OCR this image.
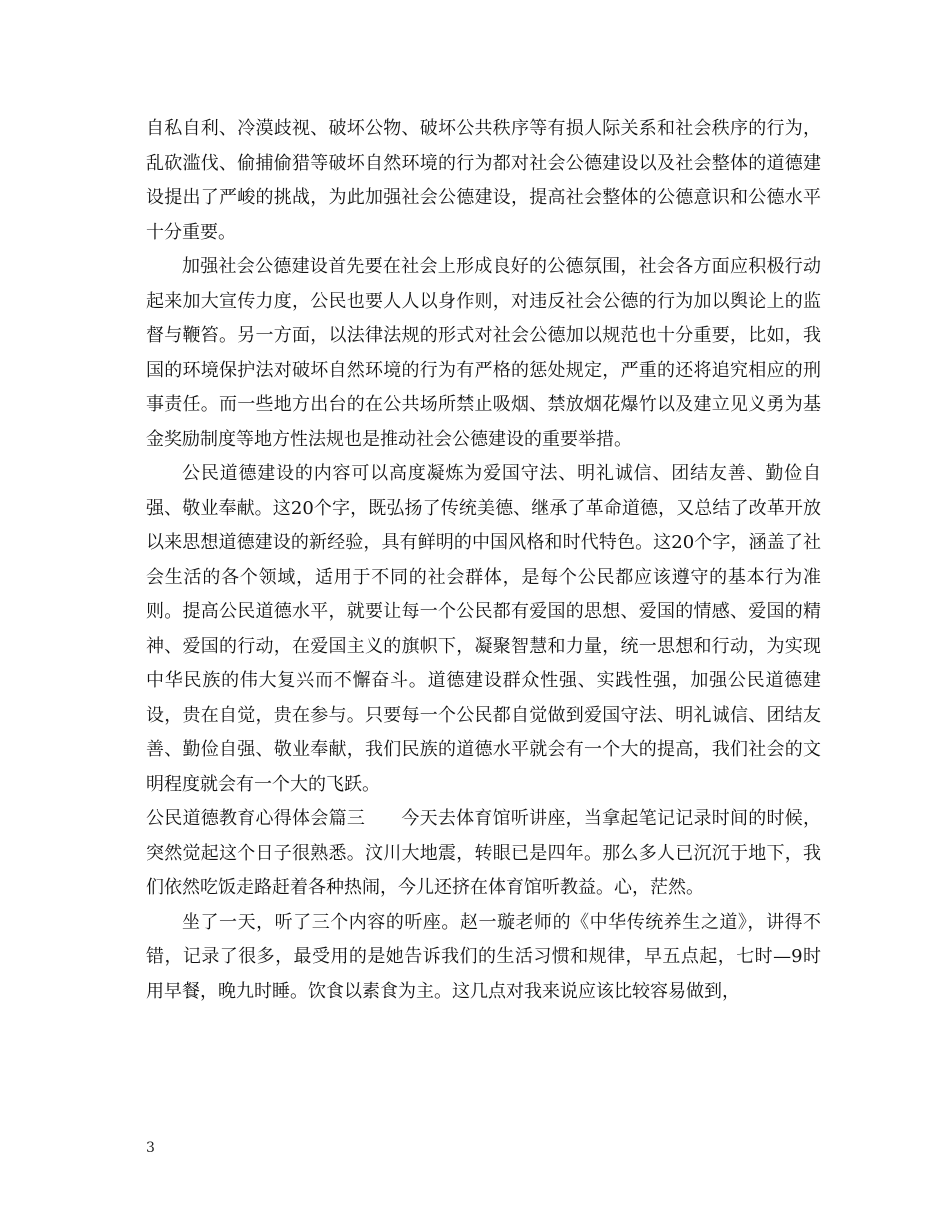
自私自利、冷漠歧视、破坏公物、破坏公共秩序等有损人际关系和社会秩序的行为，乱砍滥伐、偷捕偷猎等破坏自然环境的行为都对社会公德建设以及社会整体的道德建设提出了严峻的挑战，为此加强社会公德建设，提高社会整体的公德意识和公德水平十分重要。

加强社会公德建设首先要在社会上形成良好的公德氛围，社会各方面应积极行动起来加大宣传力度，公民也要人人以身作则，对违反社会公德的行为加以舆论上的监督与鞭笞。另一方面，以法律法规的形式对社会公德加以规范也十分重要，比如，我国的环境保护法对破坏自然环境的行为有严格的惩处规定，严重的还将追究相应的刑事责任。而一些地方出台的在公共场所禁止吸烟、禁放烟花爆竹以及建立见义勇为基金奖励制度等地方性法规也是推动社会公德建设的重要举措。

公民道德建设的内容可以高度凝炼为爱国守法、明礼诚信、团结友善、勤俭自强、敬业奉献。这20个字，既弘扬了传统美德、继承了革命道德，又总结了改革开放以来思想道德建设的新经验，具有鲜明的中国风格和时代特色。这20个字，涵盖了社会生活的各个领域，适用于不同的社会群体，是每个公民都应该遵守的基本行为准则。提高公民道德水平，就要让每一个公民都有爱国的思想、爱国的情感、爱国的精神、爱国的行动，在爱国主义的旗帜下，凝聚智慧和力量，统一思想和行动，为实现中华民族的伟大复兴而不懈奋斗。道德建设群众性强、实践性强，加强公民道德建设，贵在自觉，贵在参与。只要每一个公民都自觉做到爱国守法、明礼诚信、团结友善、勤俭自强、敬业奉献，我们民族的道德水平就会有一个大的提高，我们社会的文明程度就会有一个大的飞跃。

公民道德教育心得体会篇三 今天去体育馆听讲座，当拿起笔记记录时间的时候，突然觉起这个日子很熟悉。汶川大地震，转眼已是四年。那么多人已沉沉于地下，我们依然吃饭走路赶着各种热闹，今儿还挤在体育馆听教益。心，茫然。

坐了一天，听了三个内容的听座。赵一璇老师的《中华传统养生之道》，讲得不错，记录了很多，最受用的是她告诉我们的生活习惯和规律，早五点起，七时—9时用早餐，晚九时睡。饮食以素食为主。这几点对我来说应该比较容易做到，

3
